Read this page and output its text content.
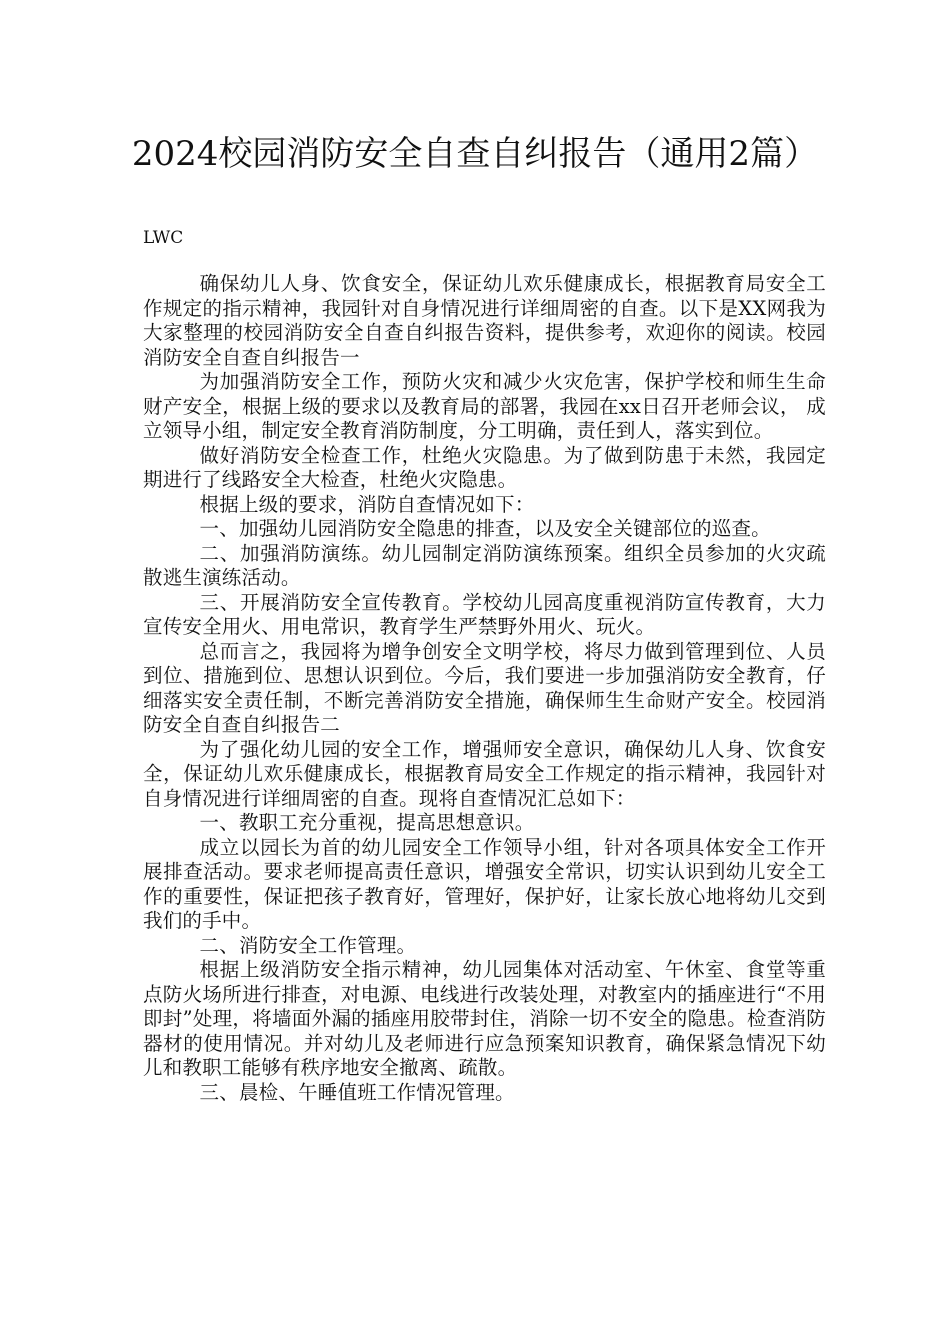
2024校园消防安全自查自纠报告（通用2篇）
LWC

确保幼儿人身、饮食安全，保证幼儿欢乐健康成长，根据教育局安全工作规定的指示精神，我园针对自身情况进行详细周密的自查。以下是XX网我为大家整理的校园消防安全自查自纠报告资料，提供参考，欢迎你的阅读。校园消防安全自查自纠报告一

为加强消防安全工作，预防火灾和减少火灾危害，保护学校和师生生命财产安全，根据上级的要求以及教育局的部署，我园在xx日召开老师会议， 成立领导小组，制定安全教育消防制度，分工明确，责任到人，落实到位。

做好消防安全检查工作，杜绝火灾隐患。为了做到防患于未然，我园定期进行了线路安全大检查，杜绝火灾隐患。

根据上级的要求，消防自查情况如下：

一、加强幼儿园消防安全隐患的排查，以及安全关键部位的巡查。

二、加强消防演练。幼儿园制定消防演练预案。组织全员参加的火灾疏散逃生演练活动。

三、开展消防安全宣传教育。学校幼儿园高度重视消防宣传教育，大力宣传安全用火、用电常识，教育学生严禁野外用火、玩火。

总而言之，我园将为增争创安全文明学校，将尽力做到管理到位、人员到位、措施到位、思想认识到位。今后，我们要进一步加强消防安全教育，仔细落实安全责任制，不断完善消防安全措施，确保师生生命财产安全。校园消防安全自查自纠报告二

为了强化幼儿园的安全工作，增强师安全意识，确保幼儿人身、饮食安全，保证幼儿欢乐健康成长，根据教育局安全工作规定的指示精神，我园针对自身情况进行详细周密的自查。现将自查情况汇总如下：

一、教职工充分重视，提高思想意识。

成立以园长为首的幼儿园安全工作领导小组，针对各项具体安全工作开展排查活动。要求老师提高责任意识，增强安全常识，切实认识到幼儿安全工作的重要性，保证把孩子教育好，管理好，保护好，让家长放心地将幼儿交到我们的手中。

二、消防安全工作管理。

根据上级消防安全指示精神，幼儿园集体对活动室、午休室、食堂等重点防火场所进行排查，对电源、电线进行改装处理，对教室内的插座进行“不用即封”处理，将墙面外漏的插座用胶带封住，消除一切不安全的隐患。检查消防器材的使用情况。并对幼儿及老师进行应急预案知识教育，确保紧急情况下幼儿和教职工能够有秩序地安全撤离、疏散。

三、晨检、午睡值班工作情况管理。
